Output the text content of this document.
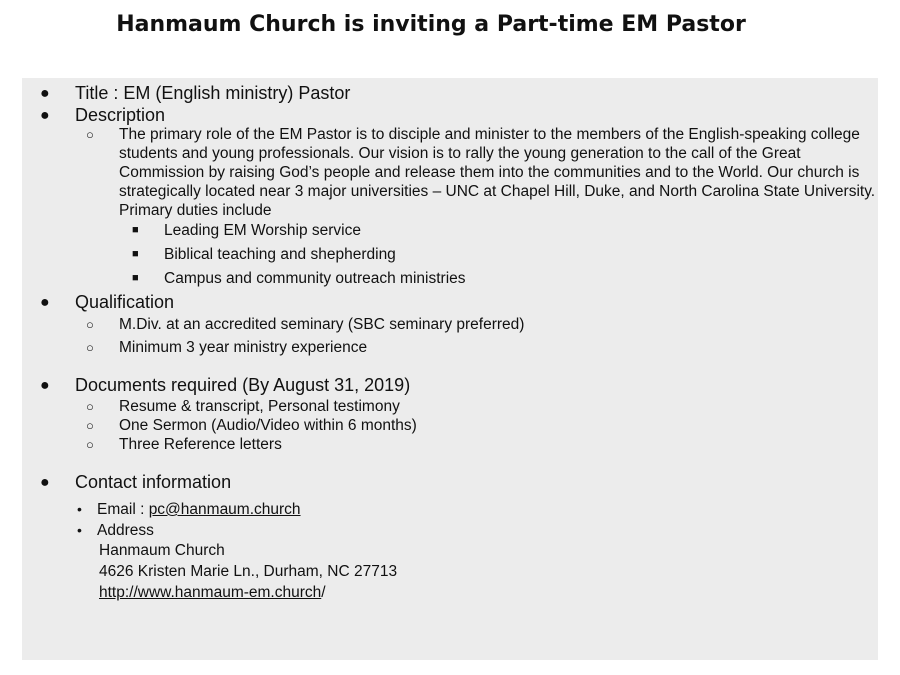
Hanmaum Church is inviting a Part-time EM Pastor
● Title : EM (English ministry) Pastor
● Description
○ The primary role of the EM Pastor is to disciple and minister to the members of the English-speaking college students and young professionals. Our vision is to rally the young generation to the call of the Great Commission by raising God’s people and release them into the communities and to the World. Our church is strategically located near 3 major universities – UNC at Chapel Hill, Duke, and North Carolina State University. Primary duties include
■ Leading EM Worship service
■ Biblical teaching and shepherding
■ Campus and community outreach ministries
● Qualification
○ M.Div. at an accredited seminary (SBC seminary preferred)
○ Minimum 3 year ministry experience
● Documents required (By August 31, 2019)
○ Resume & transcript, Personal testimony
○ One Sermon (Audio/Video within 6 months)
○ Three Reference letters
● Contact information
• Email : pc@hanmaum.church
• Address
Hanmaum Church
4626 Kristen Marie Ln., Durham, NC 27713
http://www.hanmaum-em.church/
